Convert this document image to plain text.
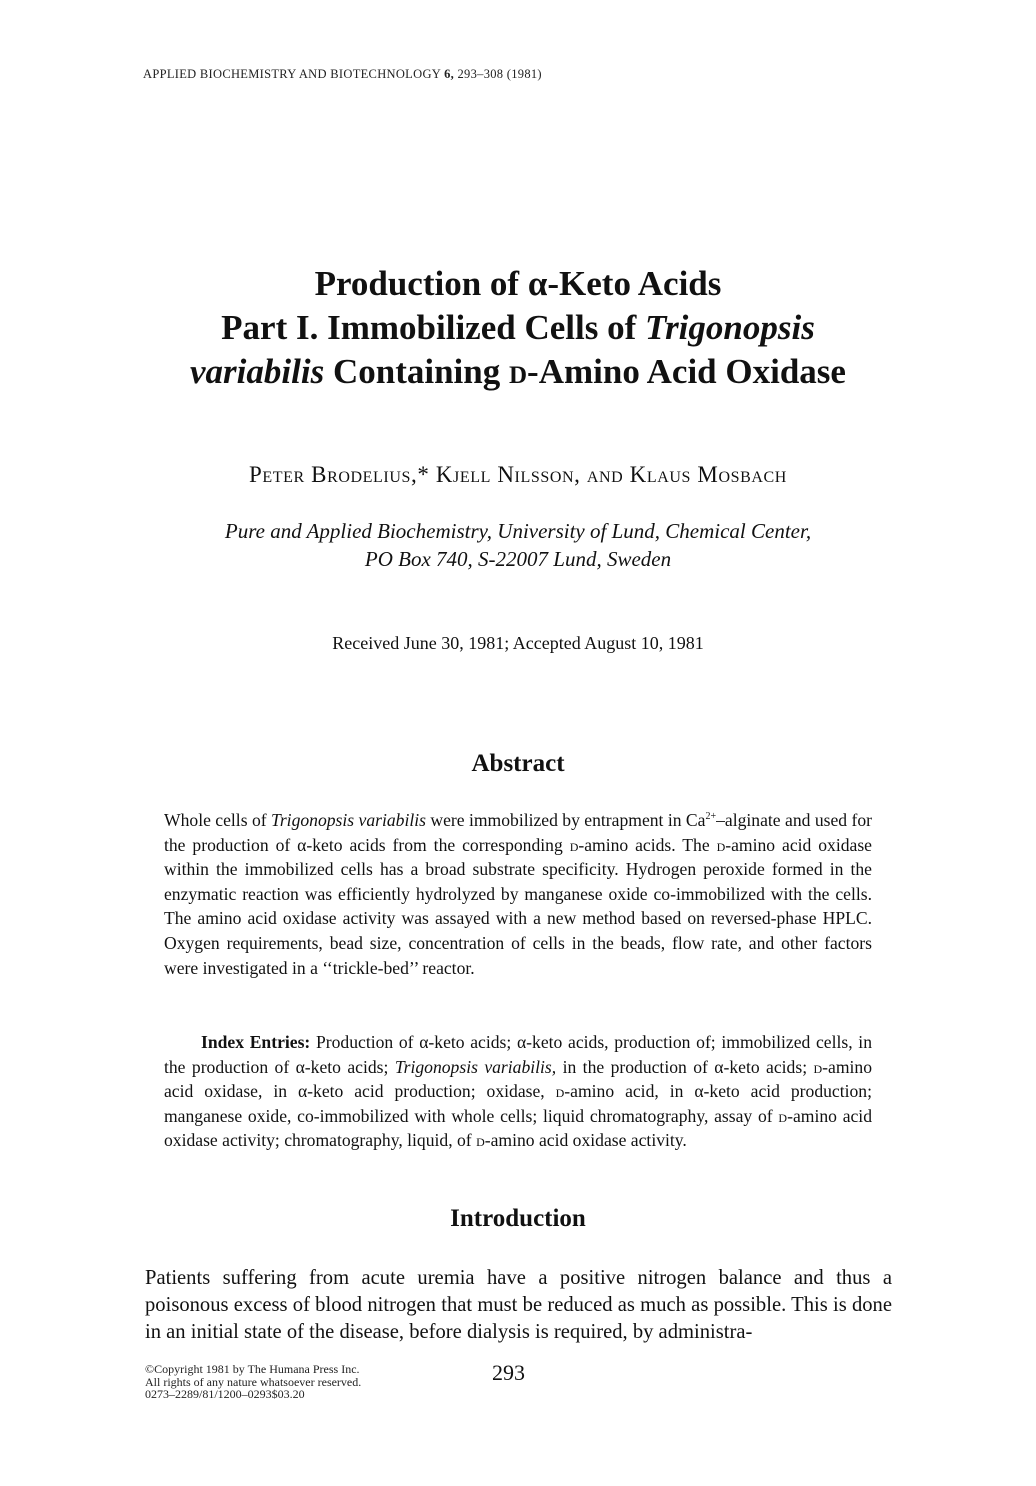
APPLIED BIOCHEMISTRY AND BIOTECHNOLOGY 6, 293–308 (1981)
Production of α-Keto Acids
Part I. Immobilized Cells of Trigonopsis
variabilis Containing d-Amino Acid Oxidase
Peter Brodelius,* Kjell Nilsson, and Klaus Mosbach
Pure and Applied Biochemistry, University of Lund, Chemical Center,
PO Box 740, S-22007 Lund, Sweden
Received June 30, 1981; Accepted August 10, 1981
Abstract
Whole cells of Trigonopsis variabilis were immobilized by entrapment in $Ca^{2+}$–alginate and used for the production of α-keto acids from the corresponding d-amino acids. The d-amino acid oxidase within the immobilized cells has a broad substrate specificity. Hydrogen peroxide formed in the enzymatic reaction was efficiently hydrolyzed by manganese oxide co-immobilized with the cells. The amino acid oxidase activity was assayed with a new method based on reversed-phase HPLC. Oxygen requirements, bead size, concentration of cells in the beads, flow rate, and other factors were investigated in a ‘‘trickle-bed’’ reactor.
Index Entries: Production of α-keto acids; α-keto acids, production of; immobilized cells, in the production of α-keto acids; Trigonopsis variabilis, in the production of α-keto acids; d-amino acid oxidase, in α-keto acid production; oxidase, d-amino acid, in α-keto acid production; manganese oxide, co-immobilized with whole cells; liquid chromatography, assay of d-amino acid oxidase activity; chromatography, liquid, of d-amino acid oxidase activity.
Introduction
Patients suffering from acute uremia have a positive nitrogen balance and thus a poisonous excess of blood nitrogen that must be reduced as much as possible. This is done in an initial state of the disease, before dialysis is required, by administra-
©Copyright 1981 by The Humana Press Inc.
All rights of any nature whatsoever reserved.
0273–2289/81/1200–0293$03.20
293
